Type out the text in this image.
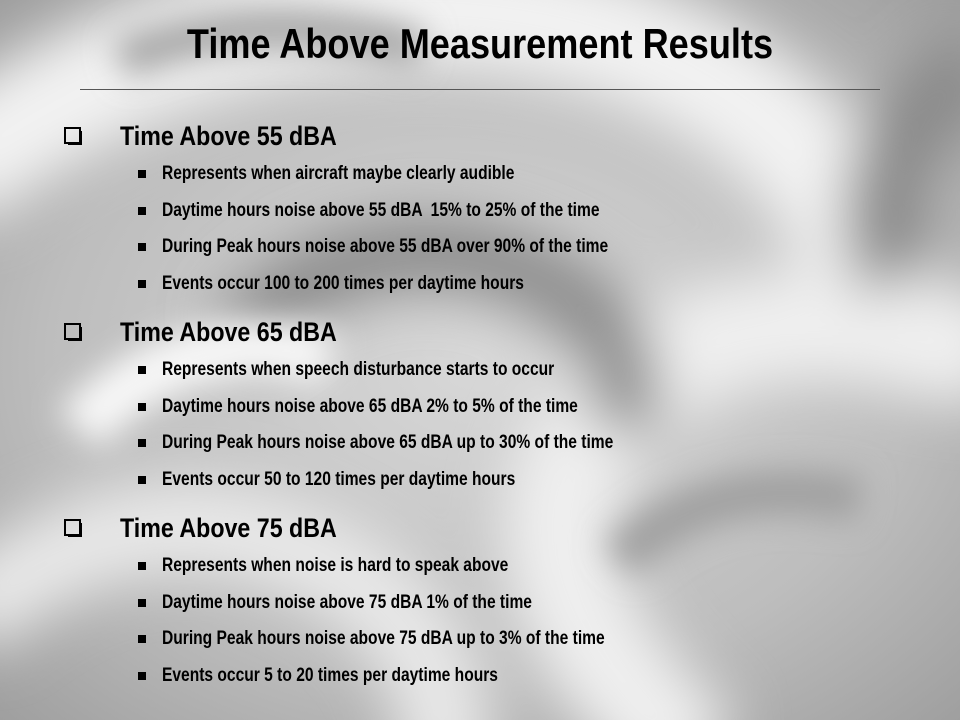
Time Above Measurement Results
Time Above 55 dBA
Represents when aircraft maybe clearly audible
Daytime hours noise above 55 dBA  15% to 25% of the time
During Peak hours noise above 55 dBA over 90% of the time
Events occur 100 to 200 times per daytime hours
Time Above 65 dBA
Represents when speech disturbance starts to occur
Daytime hours noise above 65 dBA 2% to 5% of the time
During Peak hours noise above 65 dBA up to 30% of the time
Events occur 50 to 120 times per daytime hours
Time Above 75 dBA
Represents when noise is hard to speak above
Daytime hours noise above 75 dBA 1% of the time
During Peak hours noise above 75 dBA up to 3% of the time
Events occur 5 to 20 times per daytime hours
